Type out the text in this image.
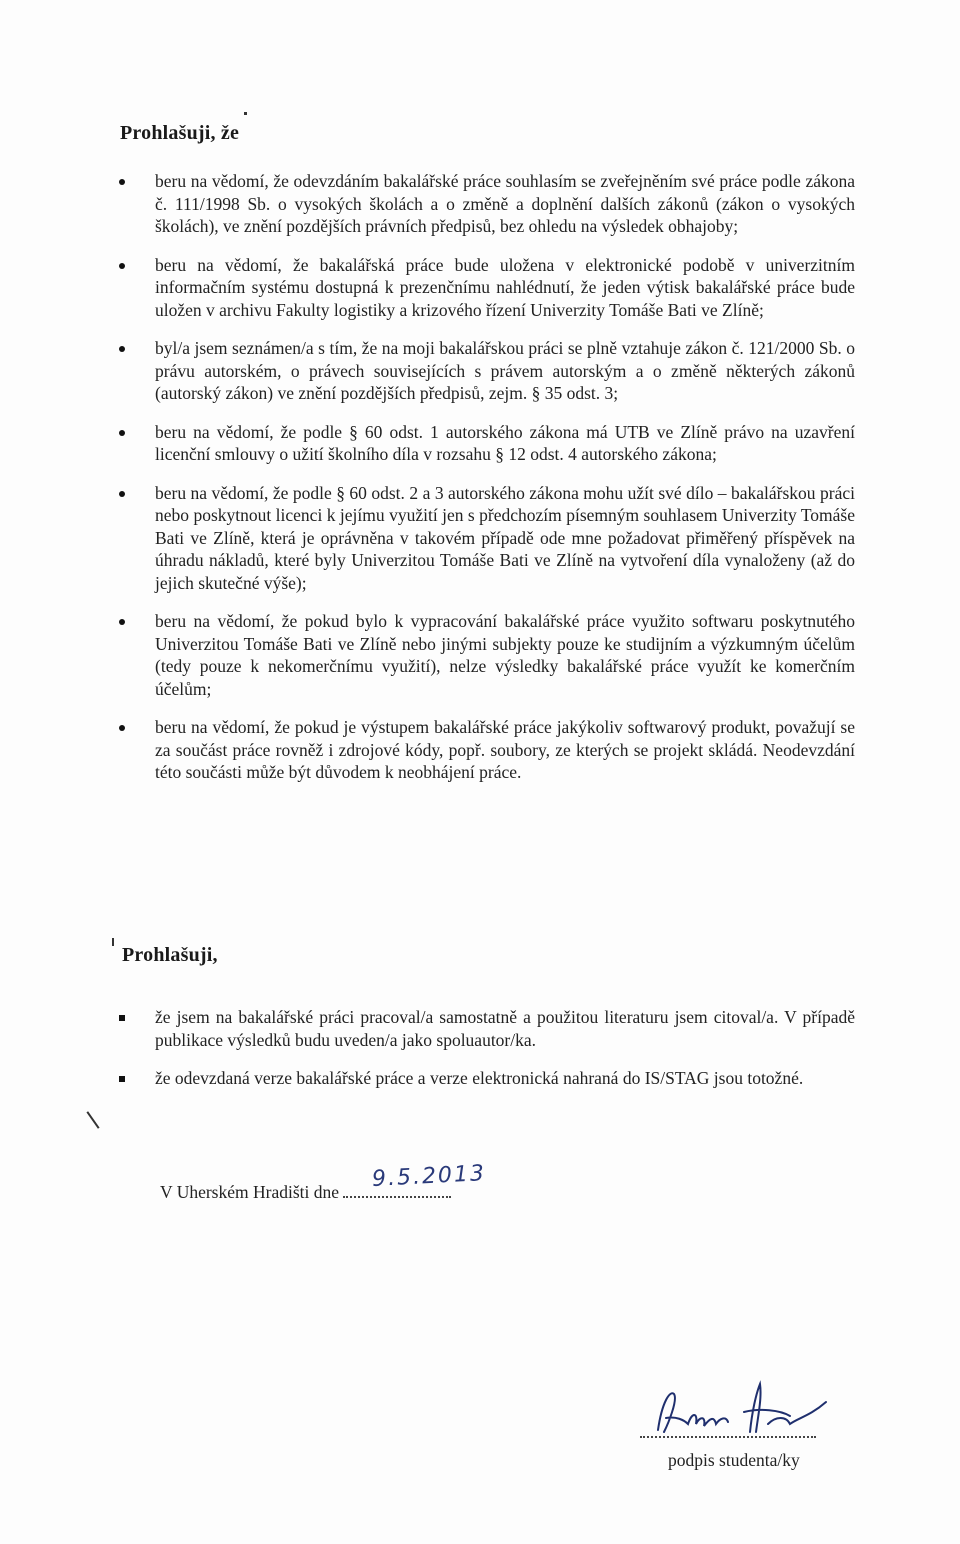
Prohlašuji, že
beru na vědomí, že odevzdáním bakalářské práce souhlasím se zveřejněním své práce podle zákona č. 111/1998 Sb. o vysokých školách a o změně a doplnění dalších zákonů (zákon o vysokých školách), ve znění pozdějších právních předpisů, bez ohledu na výsledek obhajoby;
beru na vědomí, že bakalářská práce bude uložena v elektronické podobě v univerzitním informačním systému dostupná k prezenčnímu nahlédnutí, že jeden výtisk bakalářské práce bude uložen v archivu Fakulty logistiky a krizového řízení Univerzity Tomáše Bati ve Zlíně;
byl/a jsem seznámen/a s tím, že na moji bakalářskou práci se plně vztahuje zákon č. 121/2000 Sb. o právu autorském, o právech souvisejících s právem autorským a o změně některých zákonů (autorský zákon) ve znění pozdějších předpisů, zejm. § 35 odst. 3;
beru na vědomí, že podle § 60 odst. 1 autorského zákona má UTB ve Zlíně právo na uzavření licenční smlouvy o užití školního díla v rozsahu § 12 odst. 4 autorského zákona;
beru na vědomí, že podle § 60 odst. 2 a 3 autorského zákona mohu užít své dílo – bakalářskou práci nebo poskytnout licenci k jejímu využití jen s předchozím písemným souhlasem Univerzity Tomáše Bati ve Zlíně, která je oprávněna v takovém případě ode mne požadovat přiměřený příspěvek na úhradu nákladů, které byly Univerzitou Tomáše Bati ve Zlíně na vytvoření díla vynaloženy (až do jejich skutečné výše);
beru na vědomí, že pokud bylo k vypracování bakalářské práce využito softwaru poskytnutého Univerzitou Tomáše Bati ve Zlíně nebo jinými subjekty pouze ke studijním a výzkumným účelům (tedy pouze k nekomerčnímu využití), nelze výsledky bakalářské práce využít ke komerčním účelům;
beru na vědomí, že pokud je výstupem bakalářské práce jakýkoliv softwarový produkt, považují se za součást práce rovněž i zdrojové kódy, popř. soubory, ze kterých se projekt skládá. Neodevzdání této součásti může být důvodem k neobhájení práce.
Prohlašuji,
že jsem na bakalářské práci pracoval/a samostatně a použitou literaturu jsem citoval/a. V případě publikace výsledků budu uveden/a jako spoluautor/ka.
že odevzdaná verze bakalářské práce a verze elektronická nahraná do IS/STAG jsou totožné.
V Uherském Hradišti dne
9.5.2013
podpis studenta/ky
